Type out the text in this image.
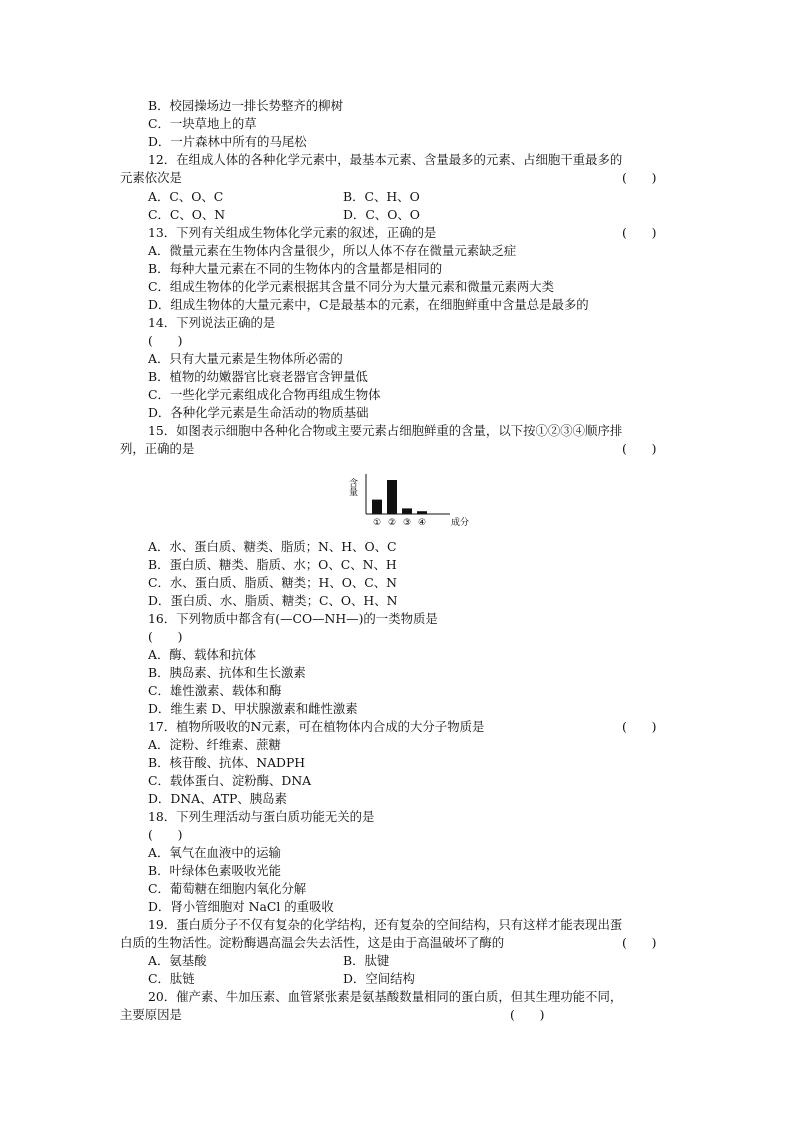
B．校园操场边一排长势整齐的柳树
C．一块草地上的草
D．一片森林中所有的马尾松
12．在组成人体的各种化学元素中，最基本元素、含量最多的元素、占细胞干重最多的
元素依次是
A．C、O、C	B．C、H、O
C．C、O、N	D．C、O、O
13．下列有关组成生物体化学元素的叙述，正确的是
A．微量元素在生物体内含量很少，所以人体不存在微量元素缺乏症
B．每种大量元素在不同的生物体内的含量都是相同的
C．组成生物体的化学元素根据其含量不同分为大量元素和微量元素两大类
D．组成生物体的大量元素中，C是最基本的元素，在细胞鲜重中含量总是最多的
14．下列说法正确的是
(　　)
A．只有大量元素是生物体所必需的
B．植物的幼嫩器官比衰老器官含钾量低
C．一些化学元素组成化合物再组成生物体
D．各种化学元素是生命活动的物质基础
15．如图表示细胞中各种化合物或主要元素占细胞鲜重的含量，以下按①②③④顺序排
列，正确的是
A．水、蛋白质、糖类、脂质；N、H、O、C
B．蛋白质、糖类、脂质、水；O、C、N、H
C．水、蛋白质、脂质、糖类；H、O、C、N
D．蛋白质、水、脂质、糖类；C、O、H、N
16．下列物质中都含有(—CO—NH—)的一类物质是
(　　)
A．酶、载体和抗体
B．胰岛素、抗体和生长激素
C．雄性激素、载体和酶
D．维生素 D、甲状腺激素和雌性激素
17．植物所吸收的N元素，可在植物体内合成的大分子物质是
A．淀粉、纤维素、蔗糖
B．核苷酸、抗体、NADPH
C．载体蛋白、淀粉酶、DNA
D．DNA、ATP、胰岛素
18．下列生理活动与蛋白质功能无关的是
(　　)
A．氧气在血液中的运输
B．叶绿体色素吸收光能
C．葡萄糖在细胞内氧化分解
D．肾小管细胞对 NaCl 的重吸收
19．蛋白质分子不仅有复杂的化学结构，还有复杂的空间结构，只有这样才能表现出蛋
白质的生物活性。淀粉酶遇高温会失去活性，这是由于高温破坏了酶的
A．氨基酸	B．肽键
C．肽链	D．空间结构
20．催产素、牛加压素、血管紧张素是氨基酸数量相同的蛋白质，但其生理功能不同，
主要原因是
(　　)
(　　)
(　　)
(　　)
(　　)
(　　)
含量
① ② ③ ④	成分
